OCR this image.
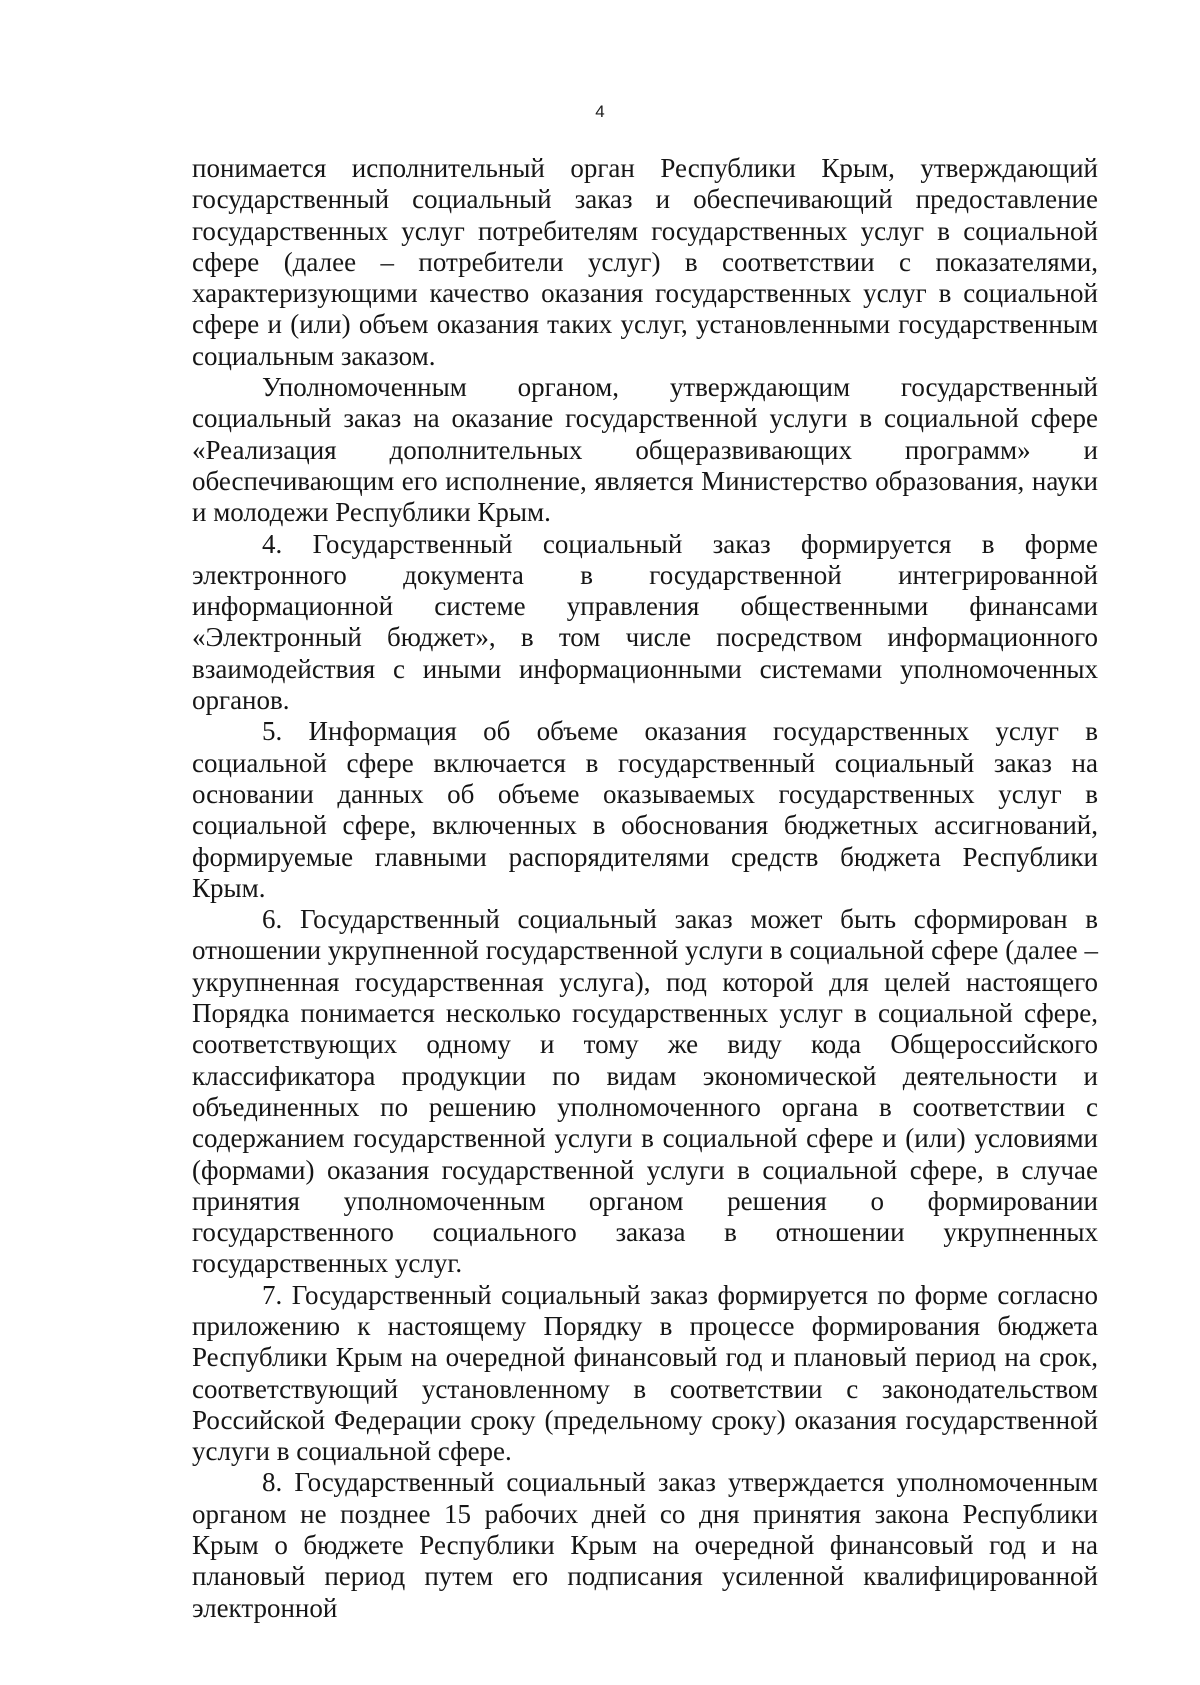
4

понимается исполнительный орган Республики Крым, утверждающий государственный социальный заказ и обеспечивающий предоставление государственных услуг потребителям государственных услуг в социальной сфере (далее – потребители услуг) в соответствии с показателями, характеризующими качество оказания государственных услуг в социальной сфере и (или) объем оказания таких услуг, установленными государственным социальным заказом.

Уполномоченным органом, утверждающим государственный социальный заказ на оказание государственной услуги в социальной сфере «Реализация дополнительных общеразвивающих программ» и обеспечивающим его исполнение, является Министерство образования, науки и молодежи Республики Крым.

4. Государственный социальный заказ формируется в форме электронного документа в государственной интегрированной информационной системе управления общественными финансами «Электронный бюджет», в том числе посредством информационного взаимодействия с иными информационными системами уполномоченных органов.

5. Информация об объеме оказания государственных услуг в социальной сфере включается в государственный социальный заказ на основании данных об объеме оказываемых государственных услуг в социальной сфере, включенных в обоснования бюджетных ассигнований, формируемые главными распорядителями средств бюджета Республики Крым.

6. Государственный социальный заказ может быть сформирован в отношении укрупненной государственной услуги в социальной сфере (далее – укрупненная государственная услуга), под которой для целей настоящего Порядка понимается несколько государственных услуг в социальной сфере, соответствующих одному и тому же виду кода Общероссийского классификатора продукции по видам экономической деятельности и объединенных по решению уполномоченного органа в соответствии с содержанием государственной услуги в социальной сфере и (или) условиями (формами) оказания государственной услуги в социальной сфере, в случае принятия уполномоченным органом решения о формировании государственного социального заказа в отношении укрупненных государственных услуг.

7. Государственный социальный заказ формируется по форме согласно приложению к настоящему Порядку в процессе формирования бюджета Республики Крым на очередной финансовый год и плановый период на срок, соответствующий установленному в соответствии с законодательством Российской Федерации сроку (предельному сроку) оказания государственной услуги в социальной сфере.

8. Государственный социальный заказ утверждается уполномоченным органом не позднее 15 рабочих дней со дня принятия закона Республики Крым о бюджете Республики Крым на очередной финансовый год и на плановый период путем его подписания усиленной квалифицированной электронной
